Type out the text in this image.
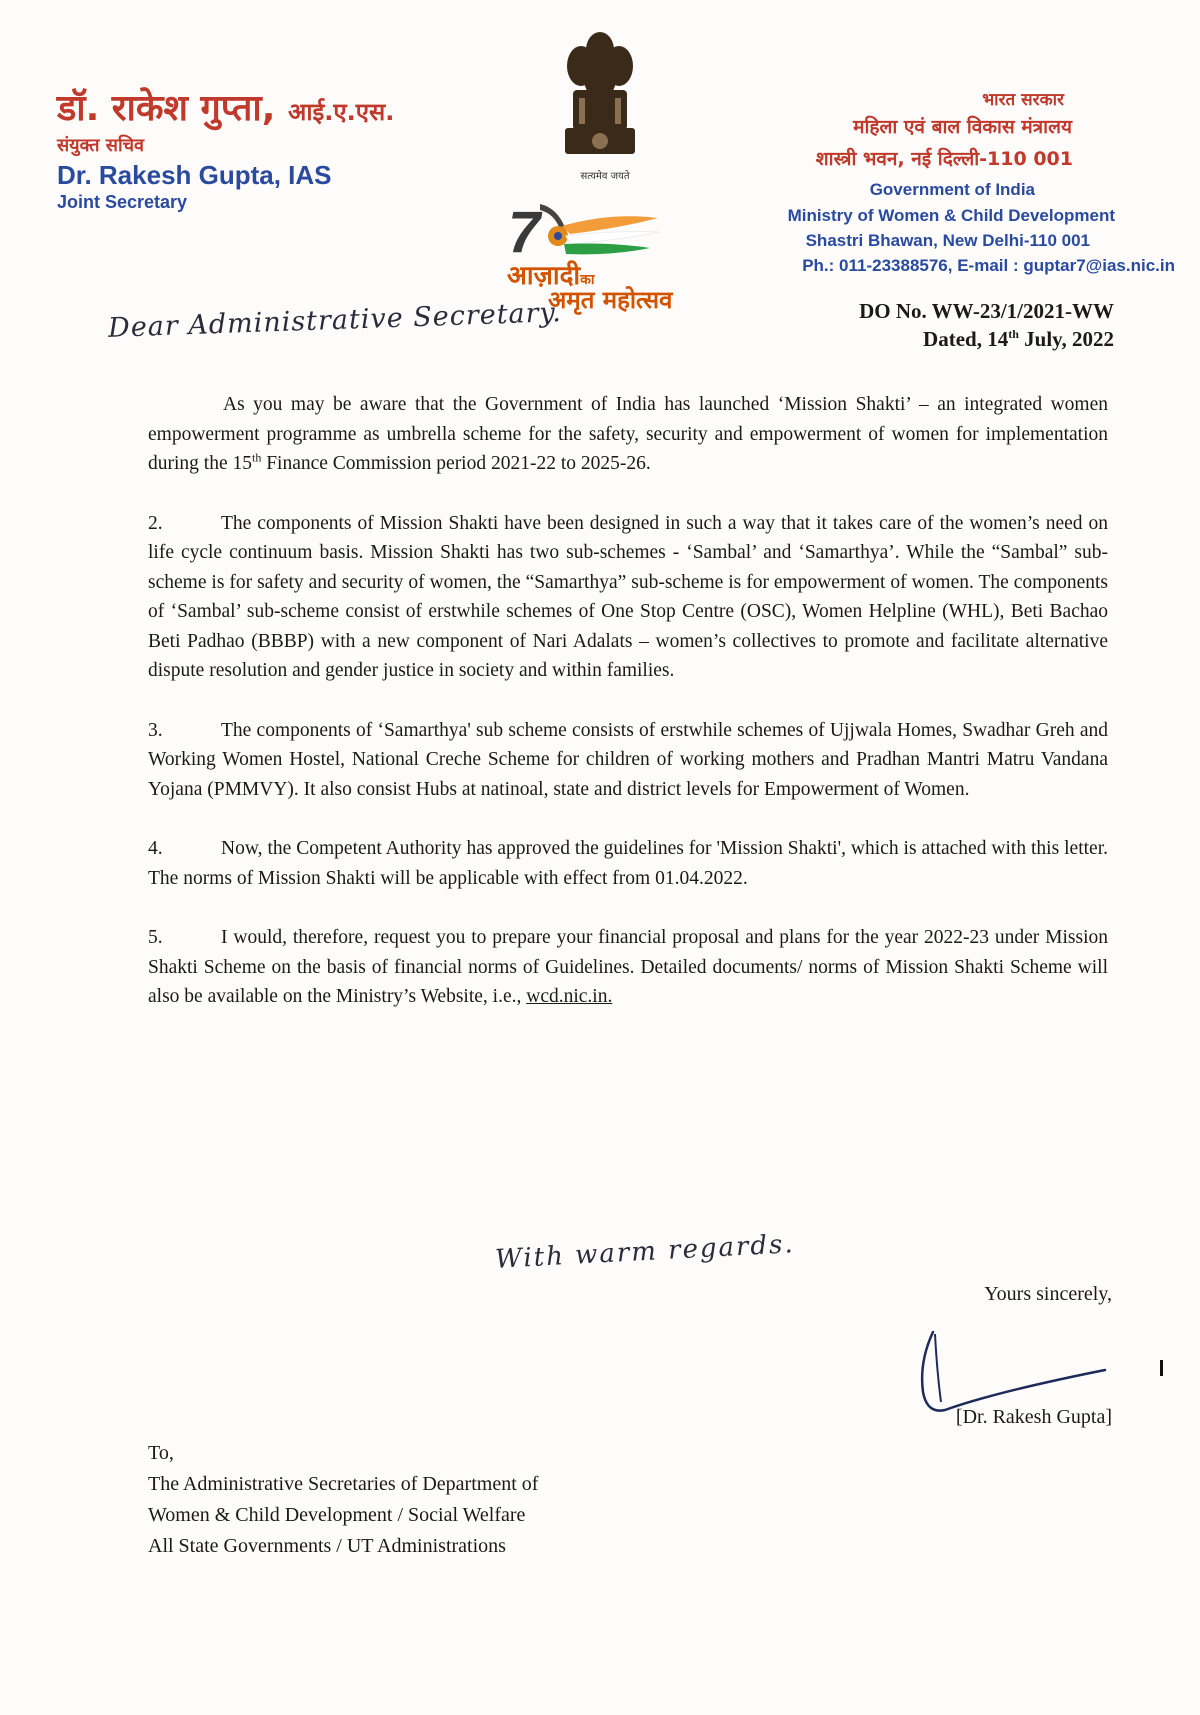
डॉ. राकेश गुप्ता, आई.ए.एस.
संयुक्त सचिव
Dr. Rakesh Gupta, IAS
Joint Secretary
सत्यमेव जयते
7
आज़ादीका
अमृत महोत्सव
भारत सरकार
महिला एवं बाल विकास मंत्रालय
शास्त्री भवन, नई दिल्ली-110 001
Government of India
Ministry of Women & Child Development
Shastri Bhawan, New Delhi-110 001
Ph.: 011-23388576, E-mail : guptar7@ias.nic.in
DO No. WW-23/1/2021-WW
Dated, 14th July, 2022
Dear Administrative Secretary.

As you may be aware that the Government of India has launched ‘Mission Shakti’ – an integrated women empowerment programme as umbrella scheme for the safety, security and empowerment of women for implementation during the 15th Finance Commission period 2021-22 to 2025-26.

2.	The components of Mission Shakti have been designed in such a way that it takes care of the women’s need on life cycle continuum basis. Mission Shakti has two sub-schemes - ‘Sambal’ and ‘Samarthya’. While the “Sambal” sub-scheme is for safety and security of women, the “Samarthya” sub-scheme is for empowerment of women. The components of ‘Sambal’ sub-scheme consist of erstwhile schemes of One Stop Centre (OSC), Women Helpline (WHL), Beti Bachao Beti Padhao (BBBP) with a new component of Nari Adalats – women’s collectives to promote and facilitate alternative dispute resolution and gender justice in society and within families.

3.	The components of ‘Samarthya' sub scheme consists of erstwhile schemes of Ujjwala Homes, Swadhar Greh and Working Women Hostel, National Creche Scheme for children of working mothers and Pradhan Mantri Matru Vandana Yojana (PMMVY). It also consist Hubs at natinoal, state and district levels for Empowerment of Women.

4.	Now, the Competent Authority has approved the guidelines for 'Mission Shakti', which is attached with this letter. The norms of Mission Shakti will be applicable with effect from 01.04.2022.

5.	I would, therefore, request you to prepare your financial proposal and plans for the year 2022-23 under Mission Shakti Scheme on the basis of financial norms of Guidelines. Detailed documents/ norms of Mission Shakti Scheme will also be available on the Ministry’s Website, i.e., wcd.nic.in.

With warm regards.
Yours sincerely,
[Dr. Rakesh Gupta]
To,
The Administrative Secretaries of Department of
Women & Child Development / Social Welfare
All State Governments / UT Administrations
